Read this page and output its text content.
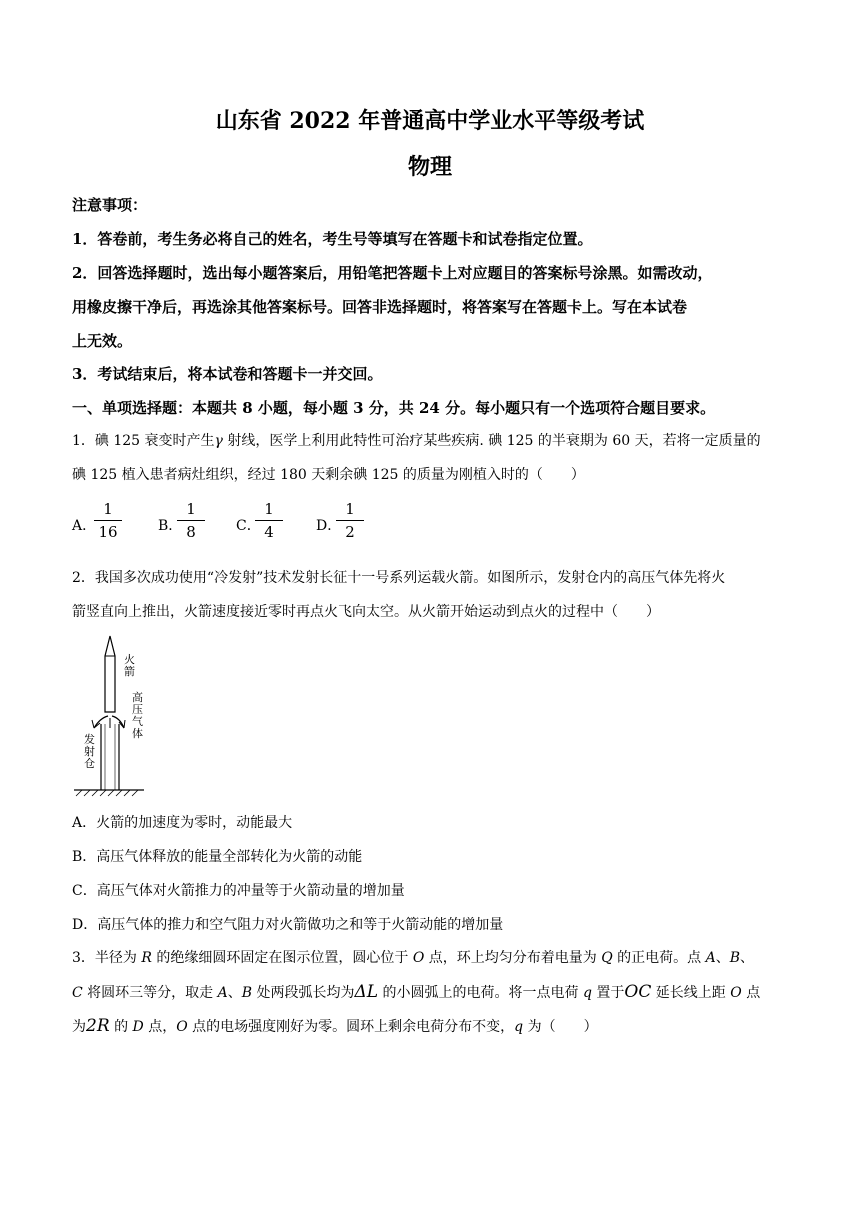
山东省 2022 年普通高中学业水平等级考试
物理
注意事项：
1．答卷前，考生务必将自己的姓名，考生号等填写在答题卡和试卷指定位置。
2．回答选择题时，选出每小题答案后，用铅笔把答题卡上对应题目的答案标号涂黑。如需改动，
用橡皮擦干净后，再选涂其他答案标号。回答非选择题时，将答案写在答题卡上。写在本试卷
上无效。
3．考试结束后，将本试卷和答题卡一并交回。
一、单项选择题：本题共 8 小题，每小题 3 分，共 24 分。每小题只有一个选项符合题目要求。
1．碘 125 衰变时产生γ 射线，医学上利用此特性可治疗某些疾病. 碘 125 的半衰期为 60 天，若将一定质量的
碘 125 植入患者病灶组织，经过 180 天剩余碘 125 的质量为刚植入时的（　　）
A．
1
16	B．
1
8	C．
1
4	D．
1
2
2．我国多次成功使用“冷发射”技术发射长征十一号系列运载火箭。如图所示，发射仓内的高压气体先将火
箭竖直向上推出，火箭速度接近零时再点火飞向太空。从火箭开始运动到点火的过程中（　　）
火箭
高压气体
发射仓
A．火箭的加速度为零时，动能最大
B．高压气体释放的能量全部转化为火箭的动能
C．高压气体对火箭推力的冲量等于火箭动量的增加量
D．高压气体的推力和空气阻力对火箭做功之和等于火箭动能的增加量
3．半径为 R 的绝缘细圆环固定在图示位置，圆心位于 O 点，环上均匀分布着电量为 Q 的正电荷。点 A、B、
C 将圆环三等分，取走 A、B 处两段弧长均为ΔL 的小圆弧上的电荷。将一点电荷 q 置于OC 延长线上距 O 点
为2R 的 D 点，O 点的电场强度刚好为零。圆环上剩余电荷分布不变，q 为（　　）
